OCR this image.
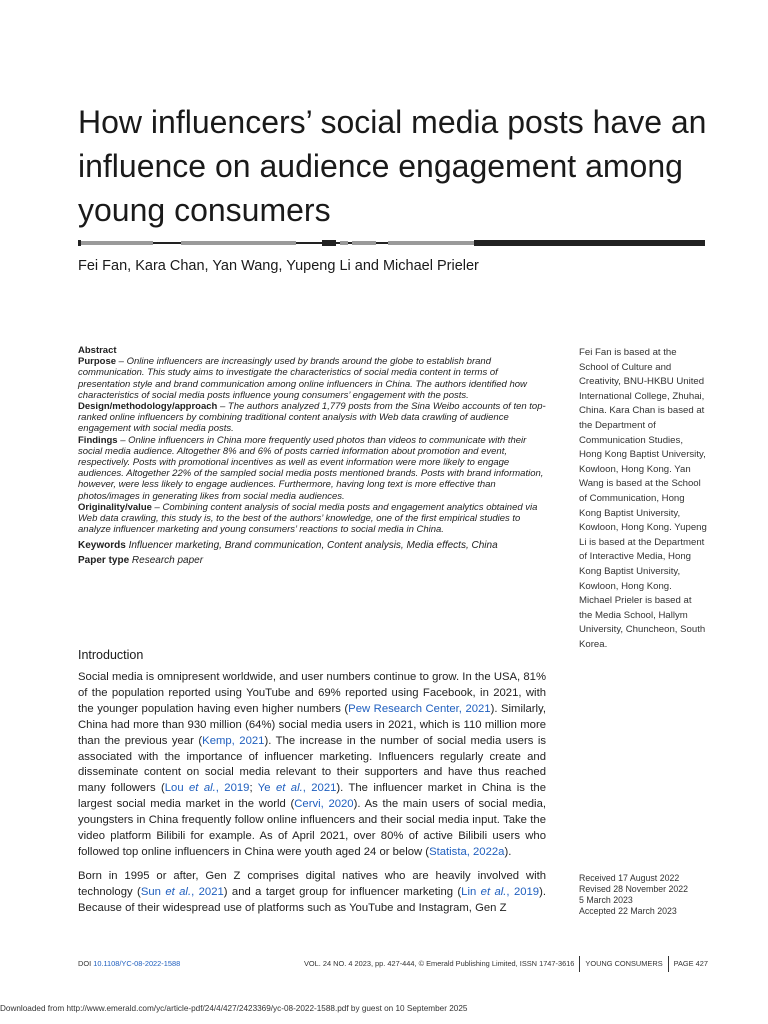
How influencers’ social media posts have an influence on audience engagement among young consumers
Fei Fan, Kara Chan, Yan Wang, Yupeng Li and Michael Prieler

Abstract

Purpose – Online influencers are increasingly used by brands around the globe to establish brand communication. This study aims to investigate the characteristics of social media content in terms of presentation style and brand communication among online influencers in China. The authors identified how characteristics of social media posts influence young consumers’ engagement with the posts.

Design/methodology/approach – The authors analyzed 1,779 posts from the Sina Weibo accounts of ten top-ranked online influencers by combining traditional content analysis with Web data crawling of audience engagement with social media posts.

Findings – Online influencers in China more frequently used photos than videos to communicate with their social media audience. Altogether 8% and 6% of posts carried information about promotion and event, respectively. Posts with promotional incentives as well as event information were more likely to engage audiences. Altogether 22% of the sampled social media posts mentioned brands. Posts with brand information, however, were less likely to engage audiences. Furthermore, having long text is more effective than photos/images in generating likes from social media audiences.

Originality/value – Combining content analysis of social media posts and engagement analytics obtained via Web data crawling, this study is, to the best of the authors’ knowledge, one of the first empirical studies to analyze influencer marketing and young consumers’ reactions to social media in China.

Keywords Influencer marketing, Brand communication, Content analysis, Media effects, China

Paper type Research paper

Introduction

Social media is omnipresent worldwide, and user numbers continue to grow. In the USA, 81% of the population reported using YouTube and 69% reported using Facebook, in 2021, with the younger population having even higher numbers (Pew Research Center, 2021). Similarly, China had more than 930 million (64%) social media users in 2021, which is 110 million more than the previous year (Kemp, 2021). The increase in the number of social media users is associated with the importance of influencer marketing. Influencers regularly create and disseminate content on social media relevant to their supporters and have thus reached many followers (Lou et al., 2019; Ye et al., 2021). The influencer market in China is the largest social media market in the world (Cervi, 2020). As the main users of social media, youngsters in China frequently follow online influencers and their social media input. Take the video platform Bilibili for example. As of April 2021, over 80% of active Bilibili users who followed top online influencers in China were youth aged 24 or below (Statista, 2022a).

Born in 1995 or after, Gen Z comprises digital natives who are heavily involved with technology (Sun et al., 2021) and a target group for influencer marketing (Lin et al., 2019). Because of their widespread use of platforms such as YouTube and Instagram, Gen Z

Fei Fan is based at the School of Culture and Creativity, BNU-HKBU United International College, Zhuhai, China. Kara Chan is based at the Department of Communication Studies, Hong Kong Baptist University, Kowloon, Hong Kong. Yan Wang is based at the School of Communication, Hong Kong Baptist University, Kowloon, Hong Kong. Yupeng Li is based at the Department of Interactive Media, Hong Kong Baptist University, Kowloon, Hong Kong. Michael Prieler is based at the Media School, Hallym University, Chuncheon, South Korea.
Received 17 August 2022
Revised 28 November 2022
5 March 2023
Accepted 22 March 2023
DOI 10.1108/YC-08-2022-1588	VOL. 24 NO. 4 2023, pp. 427-444, © Emerald Publishing Limited, ISSN 1747-3616	YOUNG CONSUMERS	PAGE 427
Downloaded from http://www.emerald.com/yc/article-pdf/24/4/427/2423369/yc-08-2022-1588.pdf by guest on 10 September 2025
